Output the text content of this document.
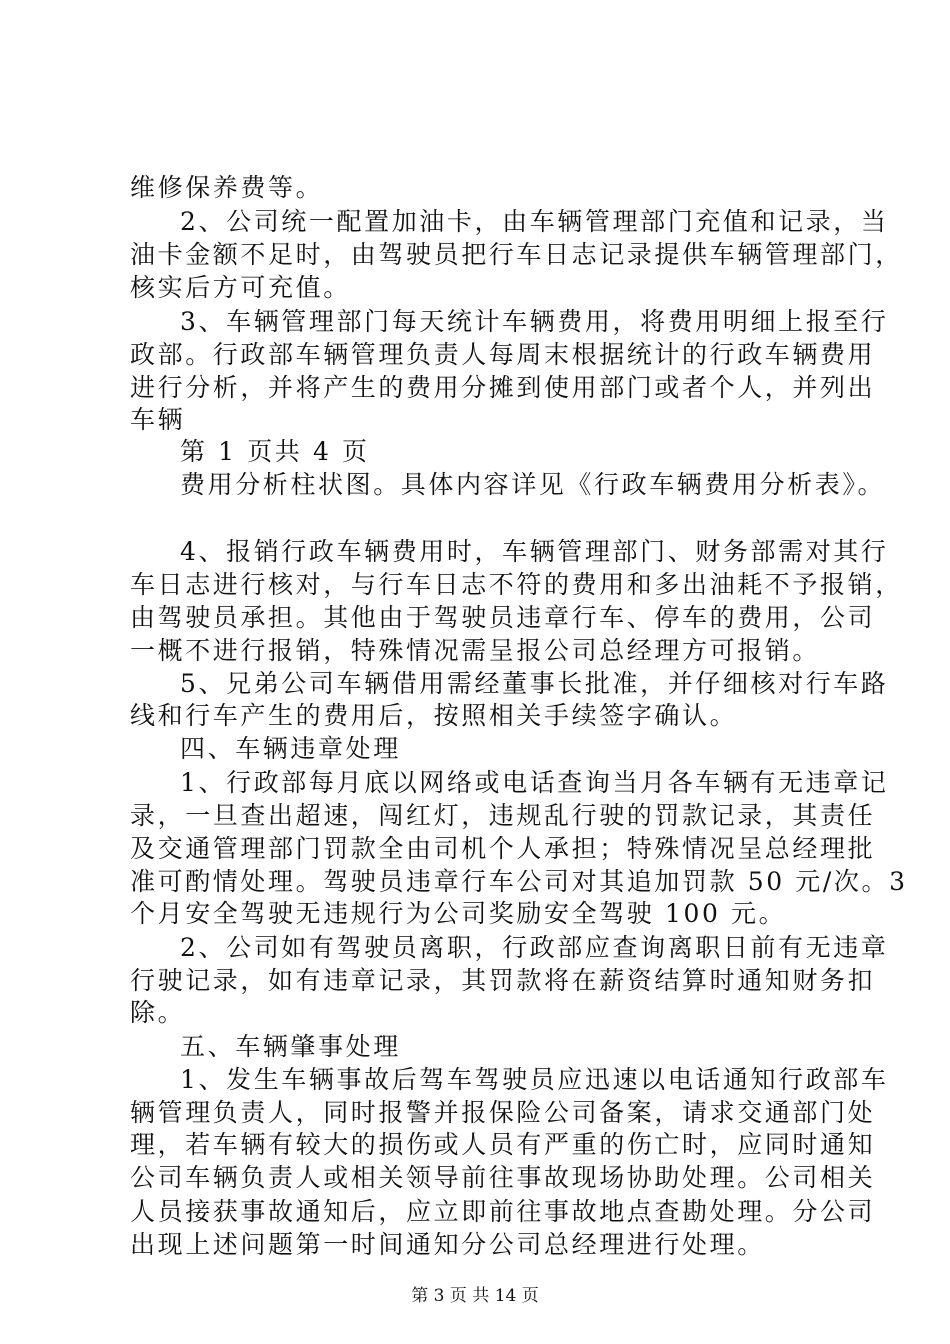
维修保养费等。
2、公司统一配置加油卡，由车辆管理部门充值和记录，当
油卡金额不足时，由驾驶员把行车日志记录提供车辆管理部门，
核实后方可充值。
3、车辆管理部门每天统计车辆费用，将费用明细上报至行
政部。行政部车辆管理负责人每周末根据统计的行政车辆费用
进行分析，并将产生的费用分摊到使用部门或者个人，并列出
车辆
第 1 页共 4 页
费用分析柱状图。具体内容详见《行政车辆费用分析表》。
4、报销行政车辆费用时，车辆管理部门、财务部需对其行
车日志进行核对，与行车日志不符的费用和多出油耗不予报销，
由驾驶员承担。其他由于驾驶员违章行车、停车的费用，公司
一概不进行报销，特殊情况需呈报公司总经理方可报销。
5、兄弟公司车辆借用需经董事长批准，并仔细核对行车路
线和行车产生的费用后，按照相关手续签字确认。
四、车辆违章处理
1、行政部每月底以网络或电话查询当月各车辆有无违章记
录，一旦查出超速，闯红灯，违规乱行驶的罚款记录，其责任
及交通管理部门罚款全由司机个人承担；特殊情况呈总经理批
准可酌情处理。驾驶员违章行车公司对其追加罚款 50 元/次。3
个月安全驾驶无违规行为公司奖励安全驾驶 100 元。
2、公司如有驾驶员离职，行政部应查询离职日前有无违章
行驶记录，如有违章记录，其罚款将在薪资结算时通知财务扣
除。
五、车辆肇事处理
1、发生车辆事故后驾车驾驶员应迅速以电话通知行政部车
辆管理负责人，同时报警并报保险公司备案，请求交通部门处
理，若车辆有较大的损伤或人员有严重的伤亡时，应同时通知
公司车辆负责人或相关领导前往事故现场协助处理。公司相关
人员接获事故通知后，应立即前往事故地点查勘处理。分公司
出现上述问题第一时间通知分公司总经理进行处理。
第 3 页 共 14 页
